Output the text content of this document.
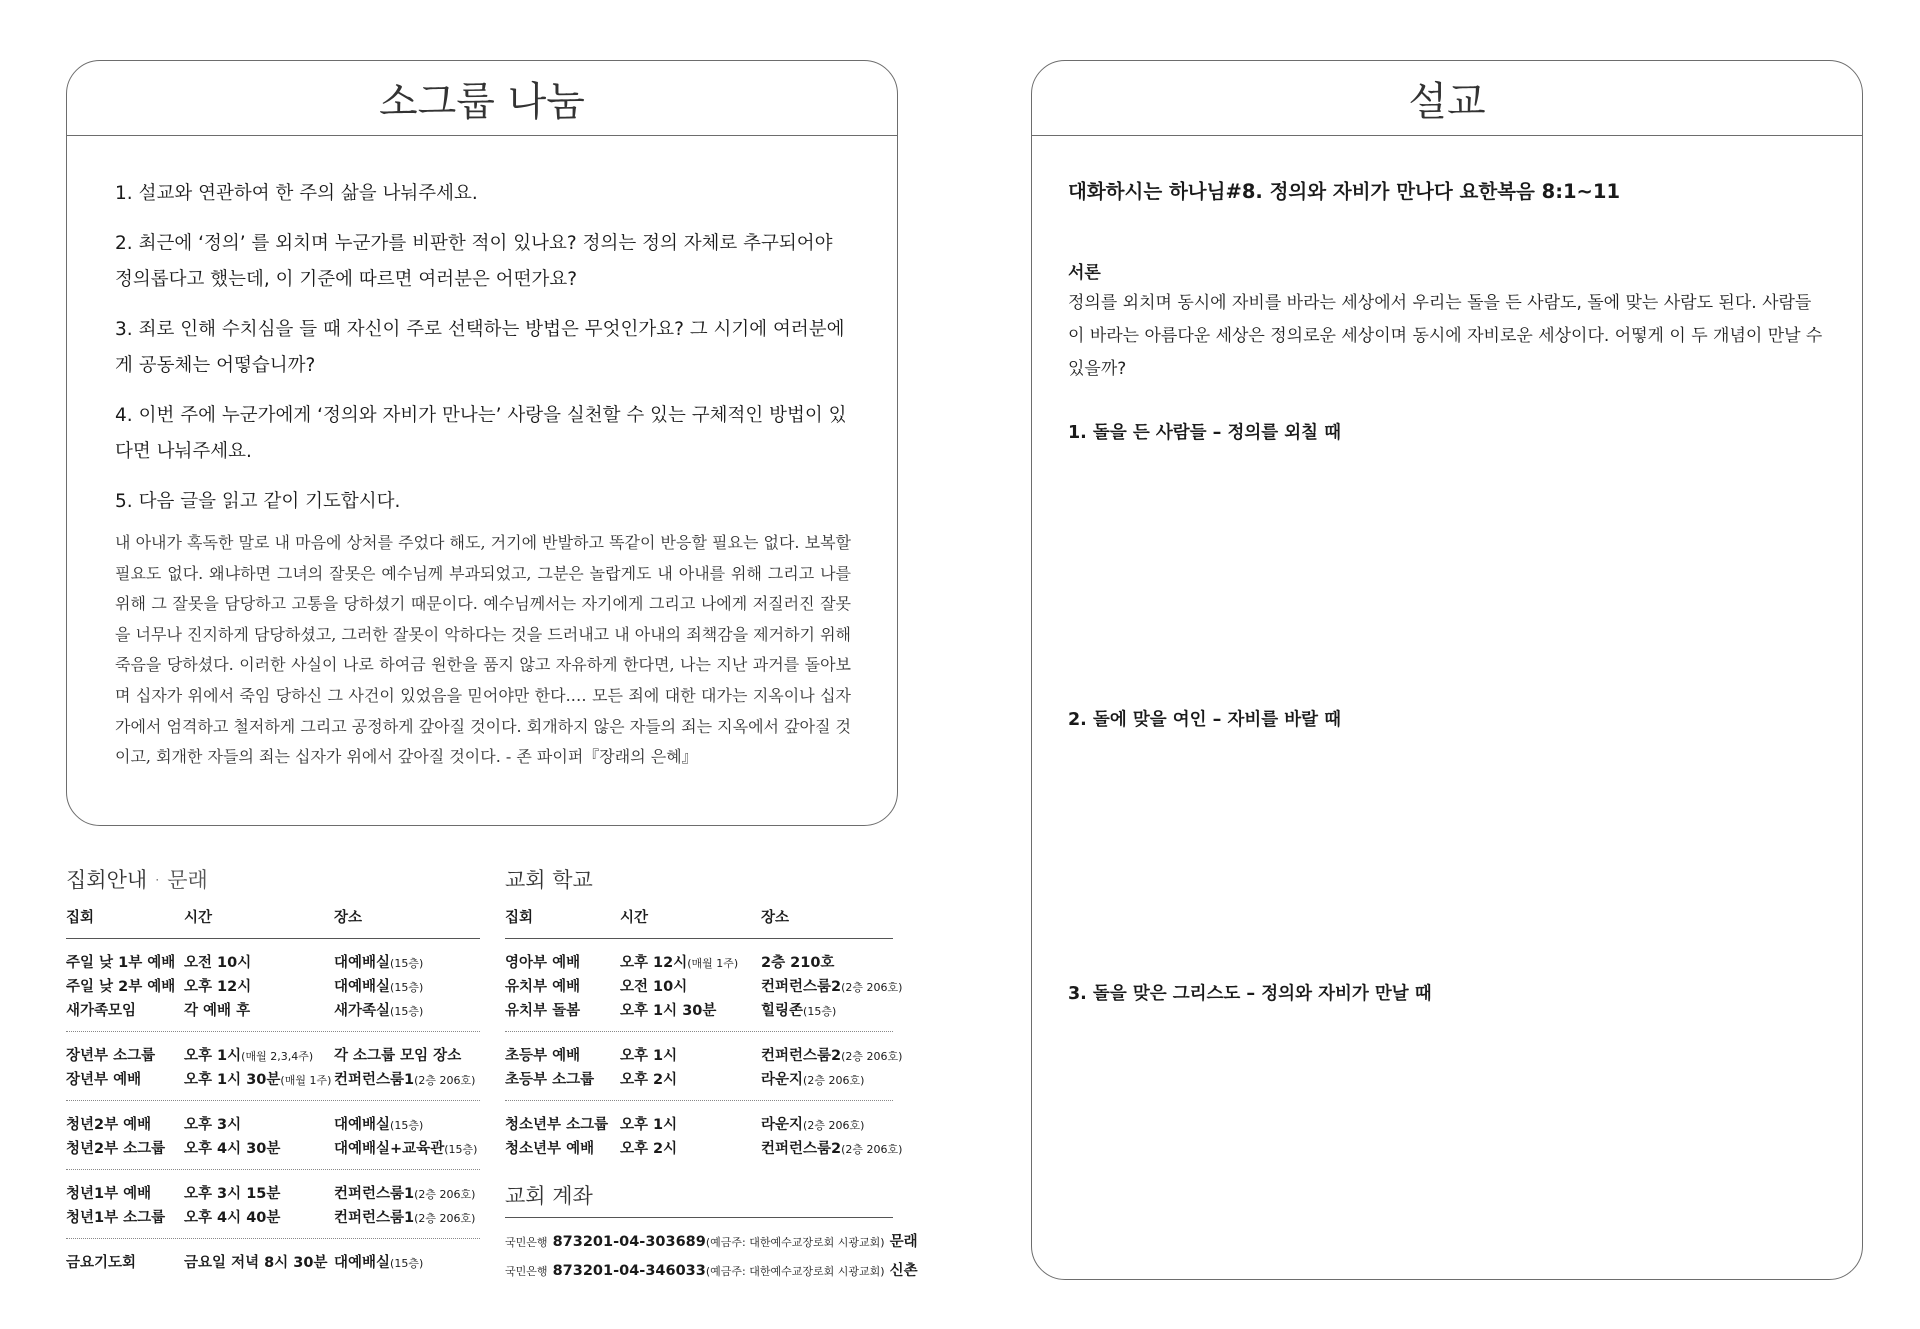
소그룹 나눔
1. 설교와 연관하여 한 주의 삶을 나눠주세요.
2. 최근에 ‘정의’ 를 외치며 누군가를 비판한 적이 있나요? 정의는 정의 자체로 추구되어야 정의롭다고 했는데, 이 기준에 따르면 여러분은 어떤가요?
3. 죄로 인해 수치심을 들 때 자신이 주로 선택하는 방법은 무엇인가요? 그 시기에 여러분에게 공동체는 어떻습니까?
4. 이번 주에 누군가에게 ‘정의와 자비가 만나는’ 사랑을 실천할 수 있는 구체적인 방법이 있다면 나눠주세요.
5. 다음 글을 읽고 같이 기도합시다.
내 아내가 혹독한 말로 내 마음에 상처를 주었다 해도, 거기에 반발하고 똑같이 반응할 필요는 없다. 보복할 필요도 없다. 왜냐하면 그녀의 잘못은 예수님께 부과되었고, 그분은 놀랍게도 내 아내를 위해 그리고 나를 위해 그 잘못을 담당하고 고통을 당하셨기 때문이다. 예수님께서는 자기에게 그리고 나에게 저질러진 잘못을 너무나 진지하게 담당하셨고, 그러한 잘못이 악하다는 것을 드러내고 내 아내의 죄책감을 제거하기 위해 죽음을 당하셨다. 이러한 사실이 나로 하여금 원한을 품지 않고 자유하게 한다면, 나는 지난 과거를 돌아보며 십자가 위에서 죽임 당하신 그 사건이 있었음을 믿어야만 한다.… 모든 죄에 대한 대가는 지옥이나 십자가에서 엄격하고 철저하게 그리고 공정하게 갚아질 것이다. 회개하지 않은 자들의 죄는 지옥에서 갚아질 것이고, 회개한 자들의 죄는 십자가 위에서 갚아질 것이다. - 존 파이퍼『장래의 은혜』
설교
대화하시는 하나님#8. 정의와 자비가 만나다 요한복음 8:1~11
서론
정의를 외치며 동시에 자비를 바라는 세상에서 우리는 돌을 든 사람도, 돌에 맞는 사람도 된다. 사람들이 바라는 아름다운 세상은 정의로운 세상이며 동시에 자비로운 세상이다. 어떻게 이 두 개념이 만날 수 있을까?
1. 돌을 든 사람들 – 정의를 외칠 때
2. 돌에 맞을 여인 – 자비를 바랄 때
3. 돌을 맞은 그리스도 – 정의와 자비가 만날 때
집회안내 · 문래
집회	시간	장소
주일 낮 1부 예배 오전 10시	대예배실(15층)
주일 낮 2부 예배 오후 12시	대예배실(15층)
새가족모임	각 예배 후	새가족실(15층)
장년부 소그룹 오후 1시(매월 2,3,4주) 각 소그룹 모임 장소
장년부 예배	오후 1시 30분(매월 1주) 컨퍼런스룸1(2층 206호)
청년2부 예배 오후 3시	대예배실(15층)
청년2부 소그룹 오후 4시 30분	대예배실+교육관(15층)
청년1부 예배 오후 3시 15분	컨퍼런스룸1(2층 206호)
청년1부 소그룹 오후 4시 40분	컨퍼런스룸1(2층 206호)
금요기도회	금요일 저녁 8시 30분 대예배실(15층)
교회 학교
집회	시간	장소
영아부 예배	오후 12시(매월 1주) 2층 210호
유치부 예배	오전 10시	컨퍼런스룸2(2층 206호)
유치부 돌봄	오후 1시 30분	힐링존(15층)
초등부 예배	오후 1시	컨퍼런스룸2(2층 206호)
초등부 소그룹 오후 2시	라운지(2층 206호)
청소년부 소그룹 오후 1시	라운지(2층 206호)
청소년부 예배 오후 2시	컨퍼런스룸2(2층 206호)
교회 계좌
국민은행 873201-04-303689(예금주: 대한예수교장로회 시광교회) 문래
국민은행 873201-04-346033(예금주: 대한예수교장로회 시광교회) 신촌
